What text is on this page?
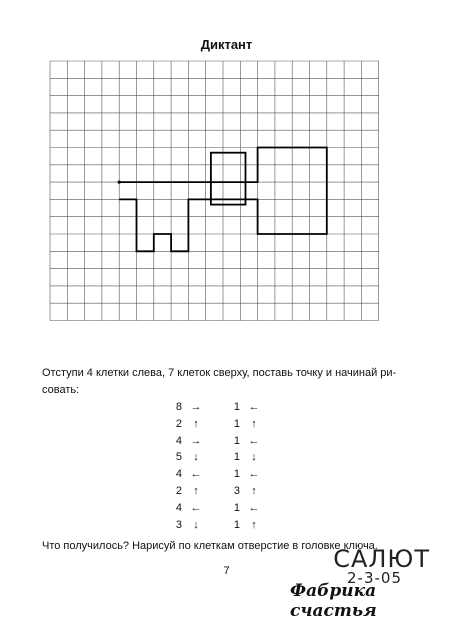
Диктант
Отступи 4 клетки слева, 7 клеток сверху, поставь точку и начинай ри-
совать:
8 →
2 ↑
4 →
5 ↓
4 ←
2 ↑
4 ←
3 ↓
1 ←
1 ↑
1 ←
1 ↓
1 ←
3 ↑
1 ←
1 ↑
Что получилось? Нарисуй по клеткам отверстие в головке ключа.
7	САЛЮТ
2-3-05
Фабрика счастья
